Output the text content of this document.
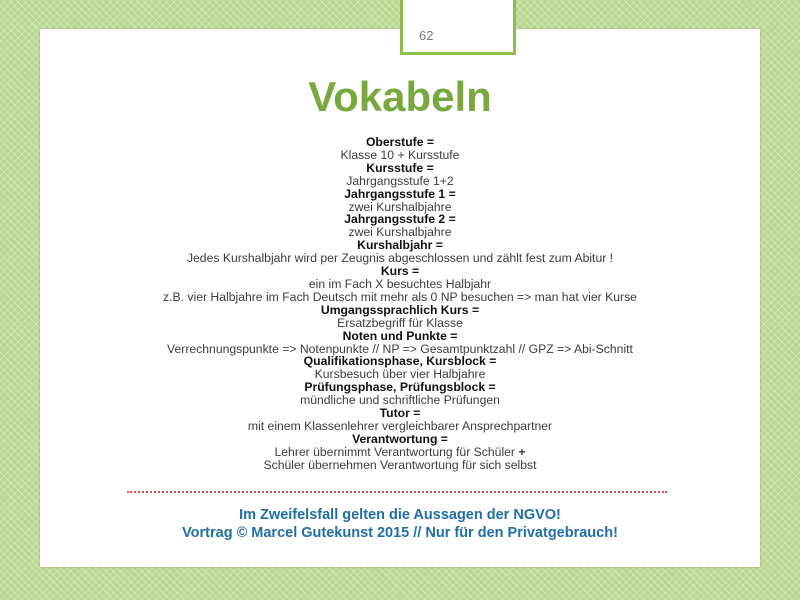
62
Vokabeln
Oberstufe =
Klasse 10 + Kursstufe
Kursstufe =
Jahrgangsstufe 1+2
Jahrgangsstufe 1 =
zwei Kurshalbjahre
Jahrgangsstufe 2 =
zwei Kurshalbjahre
Kurshalbjahr =
Jedes Kurshalbjahr wird per Zeugnis abgeschlossen und zählt fest zum Abitur !
Kurs =
ein im Fach X besuchtes Halbjahr
z.B. vier Halbjahre im Fach Deutsch mit mehr als 0 NP besuchen => man hat vier Kurse
Umgangssprachlich Kurs =
Ersatzbegriff für Klasse
Noten und Punkte =
Verrechnungspunkte => Notenpunkte // NP => Gesamtpunktzahl // GPZ => Abi-Schnitt
Qualifikationsphase, Kursblock =
Kursbesuch über vier Halbjahre
Prüfungsphase, Prüfungsblock =
mündliche und schriftliche Prüfungen
Tutor =
mit einem Klassenlehrer vergleichbarer Ansprechpartner
Verantwortung =
Lehrer übernimmt Verantwortung für Schüler +
Schüler übernehmen Verantwortung für sich selbst
Im Zweifelsfall gelten die Aussagen der NGVO!
Vortrag © Marcel Gutekunst 2015 // Nur für den Privatgebrauch!
